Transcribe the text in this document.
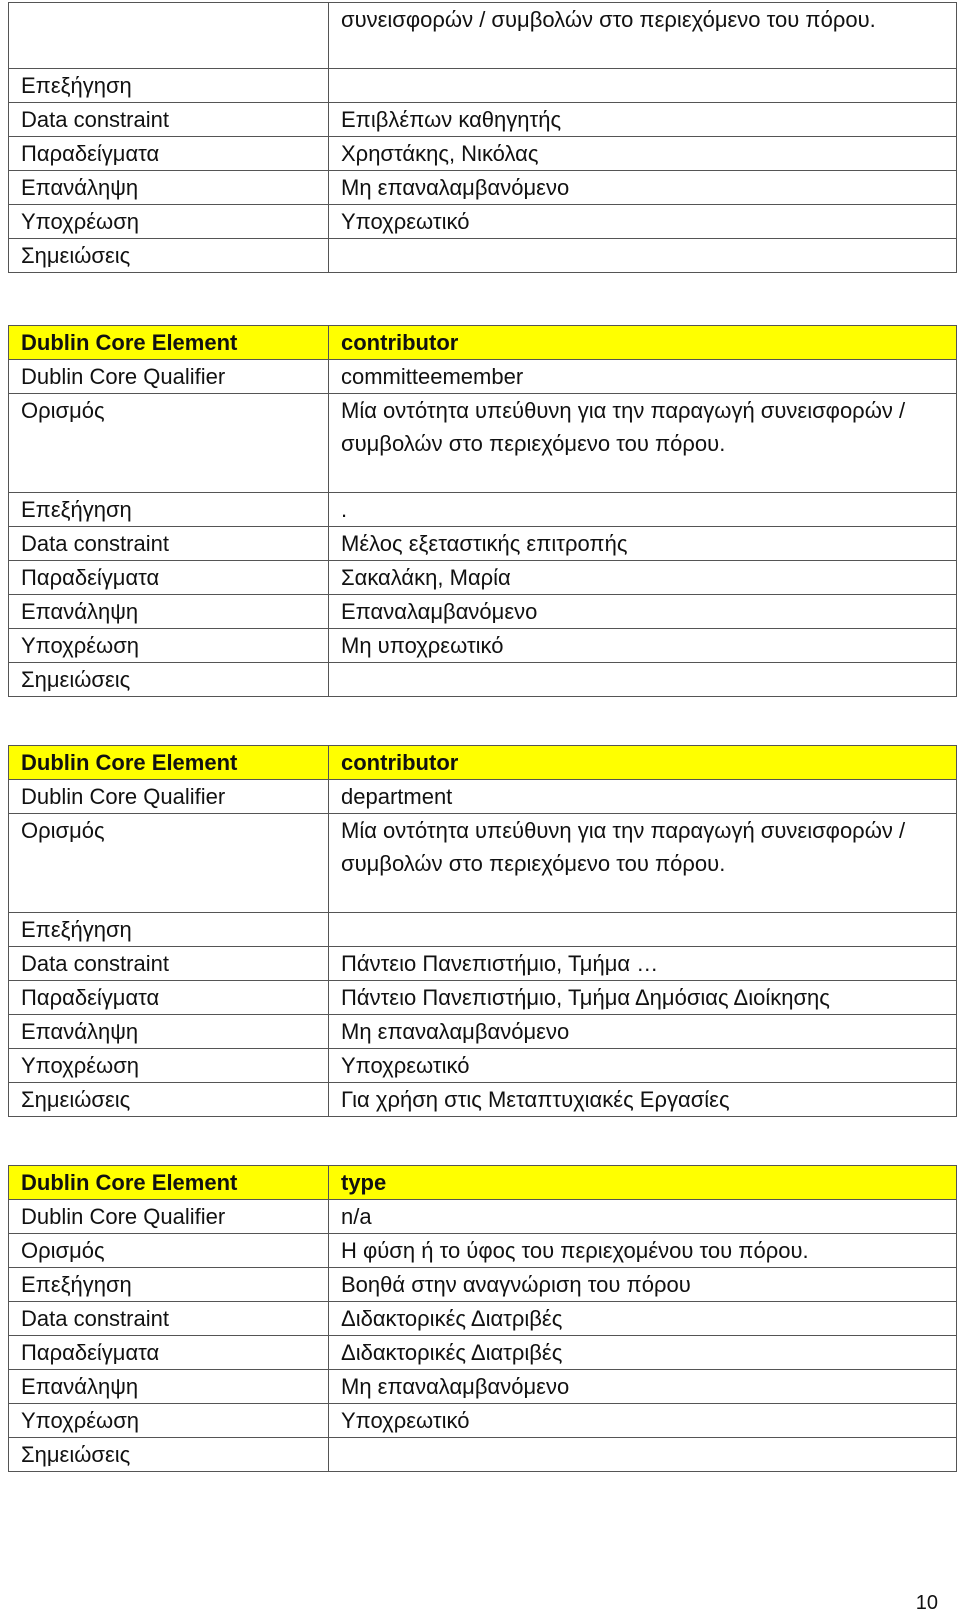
	συνεισφορών / συμβολών στο περιεχόμενο του πόρου.
Επεξήγηση	
Data constraint	Επιβλέπων καθηγητής
Παραδείγματα	Χρηστάκης, Νικόλας
Επανάληψη	Μη επαναλαμβανόμενο
Υποχρέωση	Υποχρεωτικό
Σημειώσεις	
Dublin Core Element	contributor
Dublin Core Qualifier	committeemember
Ορισμός	Μία οντότητα υπεύθυνη για την παραγωγή συνεισφορών / συμβολών στο περιεχόμενο του πόρου.
Επεξήγηση	.
Data constraint	Μέλος εξεταστικής επιτροπής
Παραδείγματα	Σακαλάκη, Μαρία
Επανάληψη	Επαναλαμβανόμενο
Υποχρέωση	Μη υποχρεωτικό
Σημειώσεις	
Dublin Core Element	contributor
Dublin Core Qualifier	department
Ορισμός	Μία οντότητα υπεύθυνη για την παραγωγή συνεισφορών / συμβολών στο περιεχόμενο του πόρου.
Επεξήγηση	
Data constraint	Πάντειο Πανεπιστήμιο, Τμήμα …
Παραδείγματα	Πάντειο Πανεπιστήμιο, Τμήμα Δημόσιας Διοίκησης
Επανάληψη	Μη επαναλαμβανόμενο
Υποχρέωση	Υποχρεωτικό
Σημειώσεις	Για χρήση στις Μεταπτυχιακές Εργασίες
Dublin Core Element	type
Dublin Core Qualifier	n/a
Ορισμός	Η φύση ή το ύφος του περιεχομένου του πόρου.
Επεξήγηση	Βοηθά στην αναγνώριση του πόρου
Data constraint	Διδακτορικές Διατριβές
Παραδείγματα	Διδακτορικές Διατριβές
Επανάληψη	Μη επαναλαμβανόμενο
Υποχρέωση	Υποχρεωτικό
Σημειώσεις	
10
